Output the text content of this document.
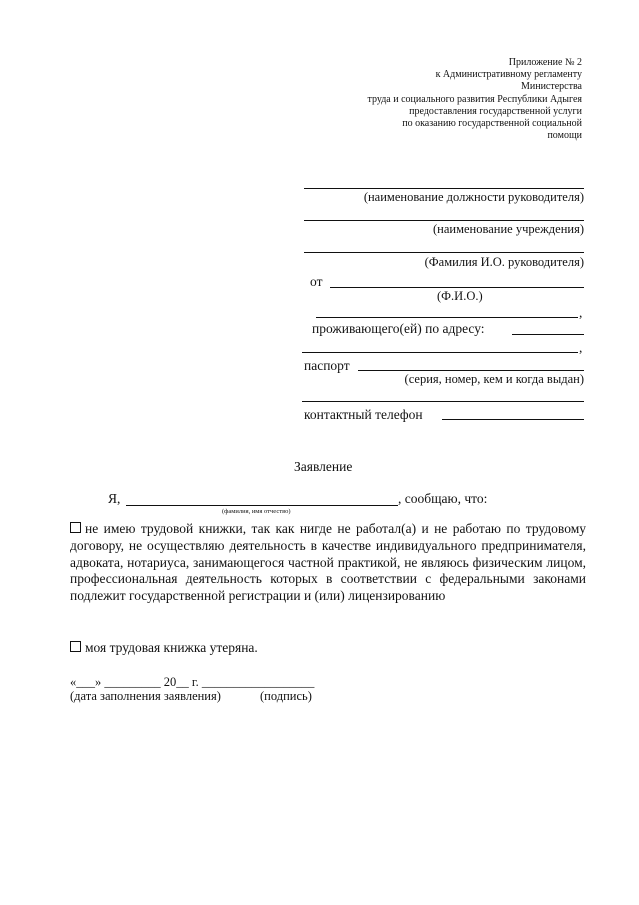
Приложение № 2
к Административному регламенту
Министерства
труда и социального развития Республики Адыгея
предоставления государственной услуги
по оказанию государственной социальной
помощи
(наименование должности руководителя)
(наименование учреждения)
(Фамилия И.О. руководителя)
от
(Ф.И.О.)
,
проживающего(ей) по адресу:
,
паспорт
(серия, номер, кем и когда выдан)
контактный телефон
Заявление
Я,	, сообщаю, что:
(фамилия, имя отчество)
не имею трудовой книжки, так как нигде не работал(а) и не работаю по трудовому договору, не осуществляю деятельность в качестве индивидуального предпринимателя, адвоката, нотариуса, занимающегося частной практикой, не являюсь физическим лицом, профессиональная деятельность которых в соответствии с федеральными законами подлежит государственной регистрации и (или) лицензированию
моя трудовая книжка утеряна.
«___» _________ 20__ г. __________________
(дата заполнения заявления)	(подпись)
